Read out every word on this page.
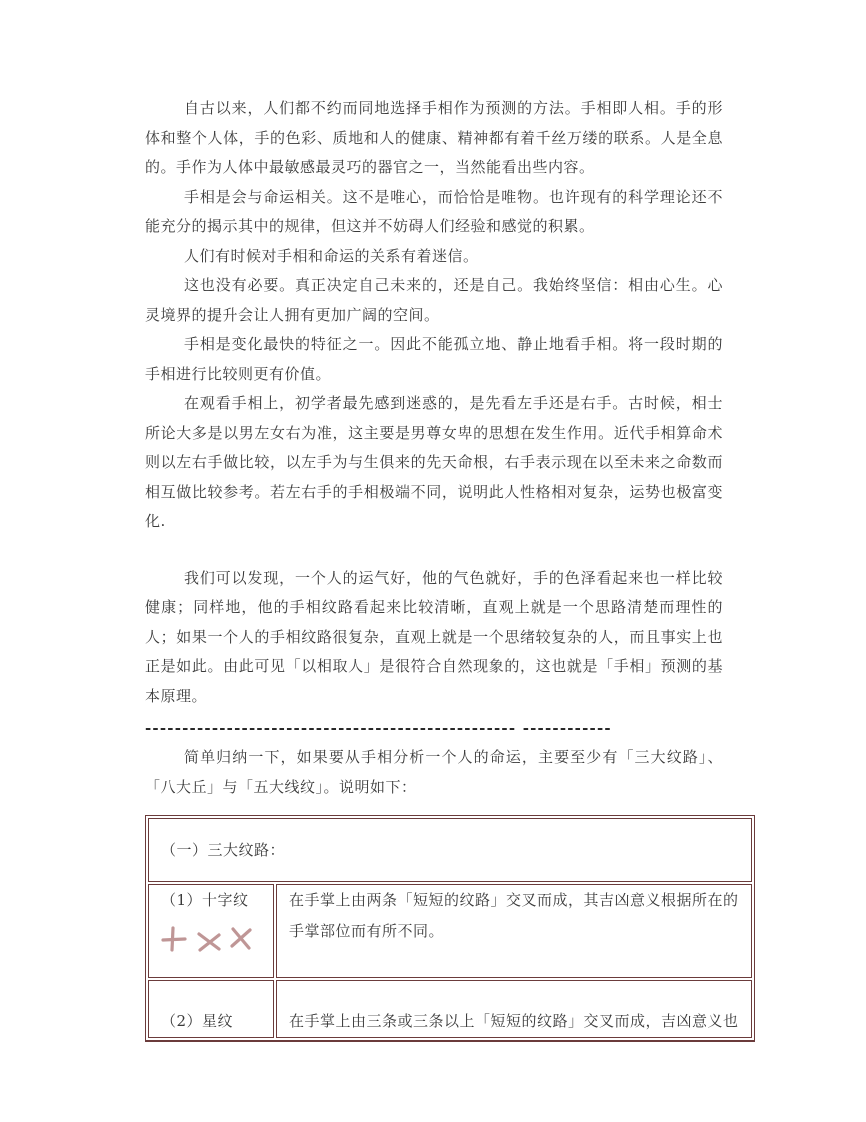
自古以来，人们都不约而同地选择手相作为预测的方法。手相即人相。手的形体和整个人体，手的色彩、质地和人的健康、精神都有着千丝万缕的联系。人是全息的。手作为人体中最敏感最灵巧的器官之一，当然能看出些内容。

手相是会与命运相关。这不是唯心，而恰恰是唯物。也许现有的科学理论还不能充分的揭示其中的规律，但这并不妨碍人们经验和感觉的积累。

人们有时候对手相和命运的关系有着迷信。

这也没有必要。真正决定自己未来的，还是自己。我始终坚信：相由心生。心灵境界的提升会让人拥有更加广阔的空间。

手相是变化最快的特征之一。因此不能孤立地、静止地看手相。将一段时期的手相进行比较则更有价值。

在观看手相上，初学者最先感到迷惑的，是先看左手还是右手。古时候，相士所论大多是以男左女右为准，这主要是男尊女卑的思想在发生作用。近代手相算命术则以左右手做比较，以左手为与生俱来的先天命根，右手表示现在以至未来之命数而相互做比较参考。若左右手的手相极端不同，说明此人性格相对复杂，运势也极富变化.

我们可以发现，一个人的运气好，他的气色就好，手的色泽看起来也一样比较健康；同样地，他的手相纹路看起来比较清晰，直观上就是一个思路清楚而理性的人；如果一个人的手相纹路很复杂，直观上就是一个思绪较复杂的人，而且事实上也正是如此。由此可见「以相取人」是很符合自然现象的，这也就是「手相」预测的基本原理。

-------------------------------------------------- ------------

简单归纳一下，如果要从手相分析一个人的命运，主要至少有「三大纹路」、「八大丘」与「五大线纹」。说明如下：

（一）三大纹路：	
（1）十字纹	在手掌上由两条「短短的纹路」交叉而成，其吉凶意义根据所在的手掌部位而有所不同。
（2）星纹	在手掌上由三条或三条以上「短短的纹路」交叉而成，吉凶意义也
